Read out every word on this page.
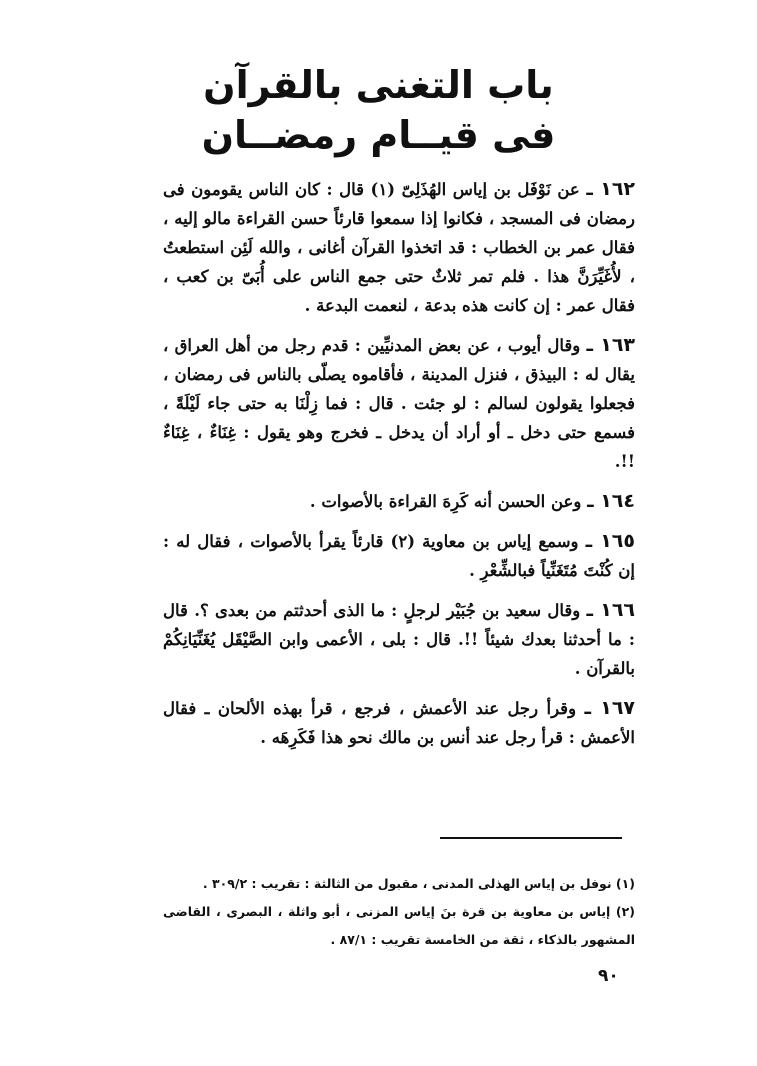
باب التغنى بالقرآن
فى قيــام رمضــان

١٦٢ ـ عن نَوْفَل بن إياس الهُذَلِىّ (١) قال : كان الناس يقومون فى رمضان فى المسجد ، فكانوا إذا سمعوا قارئاً حسن القراءة مالو إليه ، فقال عمر بن الخطاب : قد اتخذوا القرآن أغانى ، والله لَئِن استطعتُ ، لأُغَيِّرَنَّ هذا . فلم تمر ثلاثٌ حتى جمع الناس على أُبَىّ بن كعب ، فقال عمر : إن كانت هذه بدعة ، لنعمت البدعة .

١٦٣ ـ وقال أيوب ، عن بعض المدنيِّين : قدم رجل من أهل العراق ، يقال له : البيذق ، فنزل المدينة ، فأقاموه يصلّى بالناس فى رمضان ، فجعلوا يقولون لسالم : لو جئت . قال : فما زِلْنَا به حتى جاء لَيْلَةً ، فسمع حتى دخل ـ أو أراد أن يدخل ـ فخرج وهو يقول : غِنَاءٌ ، غِنَاءٌ !!.

١٦٤ ـ وعن الحسن أنه كَرِهَ القراءة بالأصوات .

١٦٥ ـ وسمع إياس بن معاوية (٢) قارئاً يقرأ بالأصوات ، فقال له : إن كُنْتَ مُتَغَنِّياً فبالشِّعْرِ .

١٦٦ ـ وقال سعيد بن جُبَيْر لرجلٍ : ما الذى أحدثتم من بعدى ؟. قال : ما أحدثنا بعدك شيئاً !!. قال : بلى ، الأعمى وابن الصَّيْقَل يُغَنِّيَانِكُمْ بالقرآن .

١٦٧ ـ وقرأ رجل عند الأعمش ، فرجع ، قرأ بهذه الألحان ـ فقال الأعمش : قرأ رجل عند أنس بن مالك نحو هذا فَكَرِهَه .

(١) نوفل بن إياس الهذلى المدنى ، مقبول من الثالثة : تقريب : ٣٠٩/٢ .

(٢) إياس بن معاوية بن قرة بنَ إياس المزنى ، أبو واثلة ، البصرى ، القاضى المشهور بالذكاء ، ثقة من الخامسة تقريب : ٨٧/١ .

٩٠
